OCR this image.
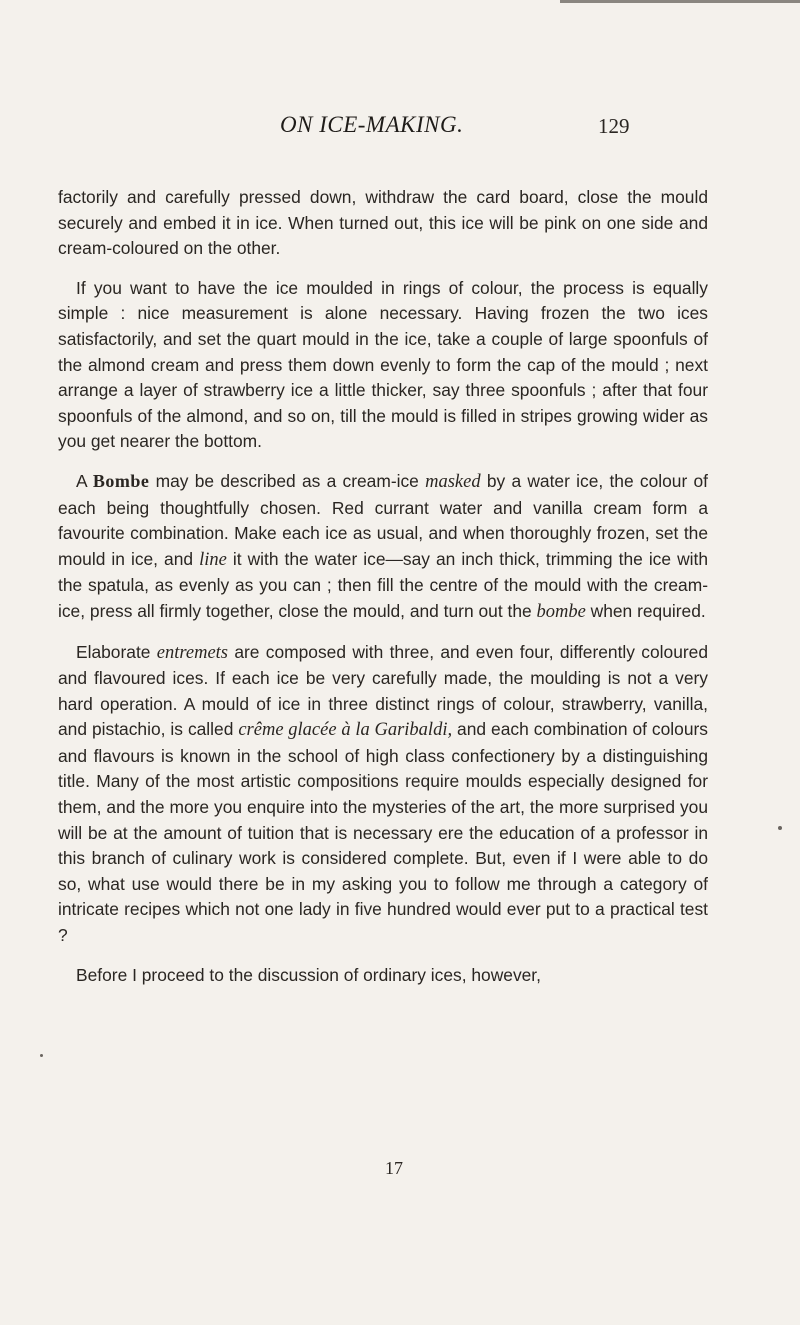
ON ICE-MAKING.	129

factorily and carefully pressed down, withdraw the card board, close the mould securely and embed it in ice. When turned out, this ice will be pink on one side and cream-coloured on the other.

If you want to have the ice moulded in rings of colour, the process is equally simple : nice measurement is alone necessary. Having frozen the two ices satisfactorily, and set the quart mould in the ice, take a couple of large spoonfuls of the almond cream and press them down evenly to form the cap of the mould ; next arrange a layer of strawberry ice a little thicker, say three spoonfuls ; after that four spoonfuls of the almond, and so on, till the mould is filled in stripes growing wider as you get nearer the bottom.

A Bombe may be described as a cream-ice masked by a water ice, the colour of each being thoughtfully chosen. Red currant water and vanilla cream form a favourite combination. Make each ice as usual, and when thoroughly frozen, set the mould in ice, and line it with the water ice—say an inch thick, trimming the ice with the spatula, as evenly as you can ; then fill the centre of the mould with the cream-ice, press all firmly together, close the mould, and turn out the bombe when required.

Elaborate entremets are composed with three, and even four, differently coloured and flavoured ices. If each ice be very carefully made, the moulding is not a very hard operation. A mould of ice in three distinct rings of colour, strawberry, vanilla, and pistachio, is called crême glacée à la Garibaldi, and each combination of colours and flavours is known in the school of high class confectionery by a distinguishing title. Many of the most artistic compositions require moulds especially designed for them, and the more you enquire into the mysteries of the art, the more surprised you will be at the amount of tuition that is necessary ere the education of a professor in this branch of culinary work is considered complete. But, even if I were able to do so, what use would there be in my asking you to follow me through a category of intricate recipes which not one lady in five hundred would ever put to a practical test ?

Before I proceed to the discussion of ordinary ices, however,

17
